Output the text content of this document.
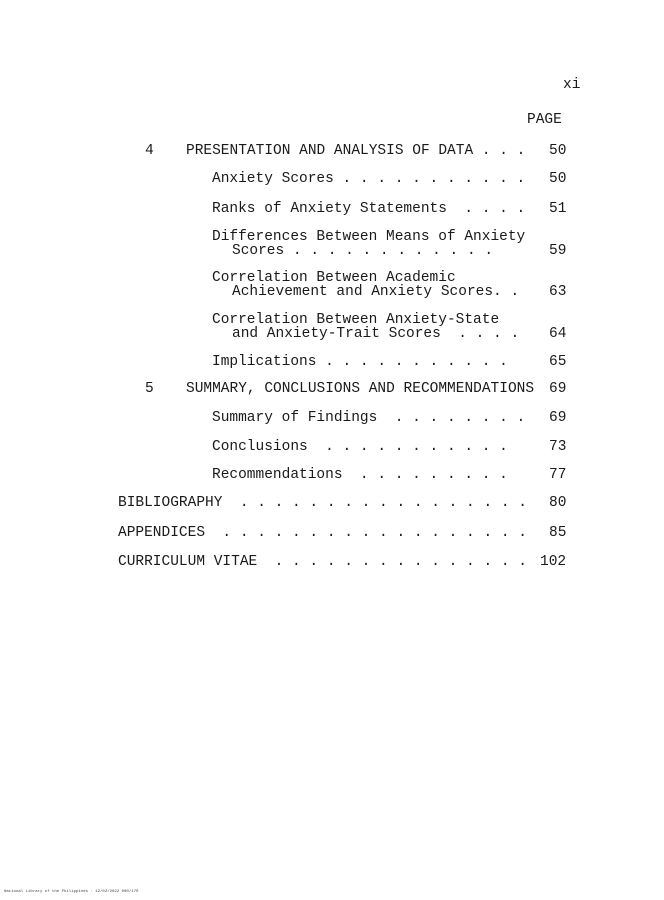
xi
PAGE
4 PRESENTATION AND ANALYSIS OF DATA . . . 50
Anxiety Scores . . . . . . . . . . . 50
Ranks of Anxiety Statements  . . . . 51
Differences Between Means of Anxiety
Scores . . . . . . . . . . . .	59
Correlation Between Academic
Achievement and Anxiety Scores. . 63
Correlation Between Anxiety-State
and Anxiety-Trait Scores  . . . . 64
Implications . . . . . . . . . . .	65
5 SUMMARY, CONCLUSIONS AND RECOMMENDATIONS 69
Summary of Findings  . . . . . . . . 69
Conclusions  . . . . . . . . . . .	73
Recommendations  . . . . . . . . .	77
BIBLIOGRAPHY  . . . . . . . . . . . . . . . . . 80
APPENDICES  . . . . . . . . . . . . . . . . . . 85
CURRICULUM VITAE  . . . . . . . . . . . . . . . 102
National Library of the Philippines · 12/02/2022 000/170
